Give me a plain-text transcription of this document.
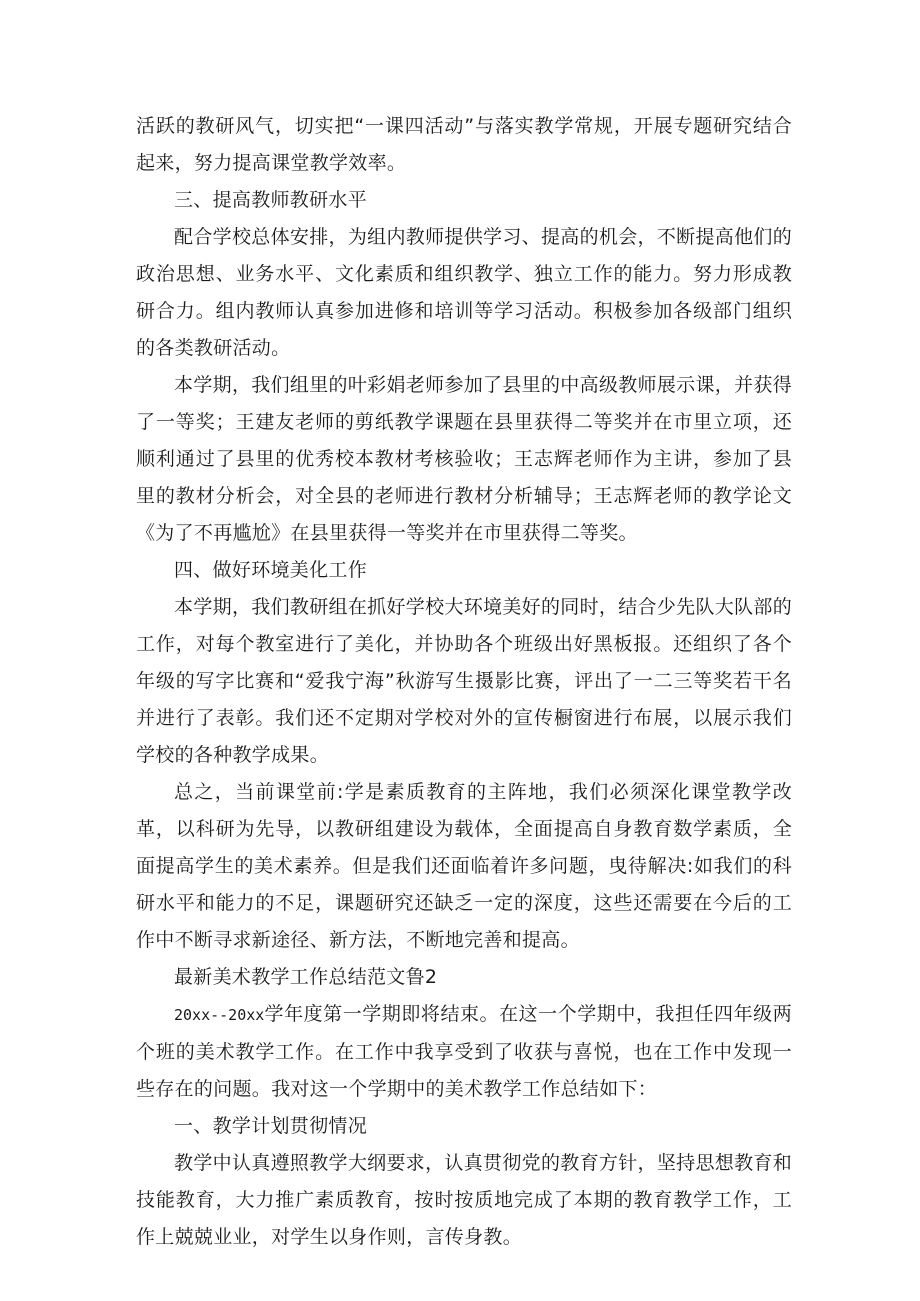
活跃的教研风气，切实把“一课四活动”与落实教学常规，开展专题研究结合起来，努力提高课堂教学效率。

三、提高教师教研水平

配合学校总体安排，为组内教师提供学习、提高的机会，不断提高他们的政治思想、业务水平、文化素质和组织教学、独立工作的能力。努力形成教研合力。组内教师认真参加进修和培训等学习活动。积极参加各级部门组织的各类教研活动。

本学期，我们组里的叶彩娟老师参加了县里的中高级教师展示课，并获得了一等奖；王建友老师的剪纸教学课题在县里获得二等奖并在市里立项，还顺利通过了县里的优秀校本教材考核验收；王志辉老师作为主讲，参加了县里的教材分析会，对全县的老师进行教材分析辅导；王志辉老师的教学论文《为了不再尴尬》在县里获得一等奖并在市里获得二等奖。

四、做好环境美化工作

本学期，我们教研组在抓好学校大环境美好的同时，结合少先队大队部的工作，对每个教室进行了美化，并协助各个班级出好黑板报。还组织了各个年级的写字比赛和“爱我宁海”秋游写生摄影比赛，评出了一二三等奖若干名并进行了表彰。我们还不定期对学校对外的宣传橱窗进行布展，以展示我们学校的各种教学成果。

总之，当前课堂前:学是素质教育的主阵地，我们必须深化课堂教学改革，以科研为先导，以教研组建设为载体，全面提高自身教育数学素质，全面提高学生的美术素养。但是我们还面临着许多问题，曳待解决:如我们的科研水平和能力的不足，课题研究还缺乏一定的深度，这些还需要在今后的工作中不断寻求新途径、新方法，不断地完善和提高。

最新美术教学工作总结范文鲁2

20xx--20xx学年度第一学期即将结束。在这一个学期中，我担任四年级两个班的美术教学工作。在工作中我享受到了收获与喜悦，也在工作中发现一些存在的问题。我对这一个学期中的美术教学工作总结如下：

一、教学计划贯彻情况

教学中认真遵照教学大纲要求，认真贯彻党的教育方针，坚持思想教育和技能教育，大力推广素质教育，按时按质地完成了本期的教育教学工作，工作上兢兢业业，对学生以身作则，言传身教。
